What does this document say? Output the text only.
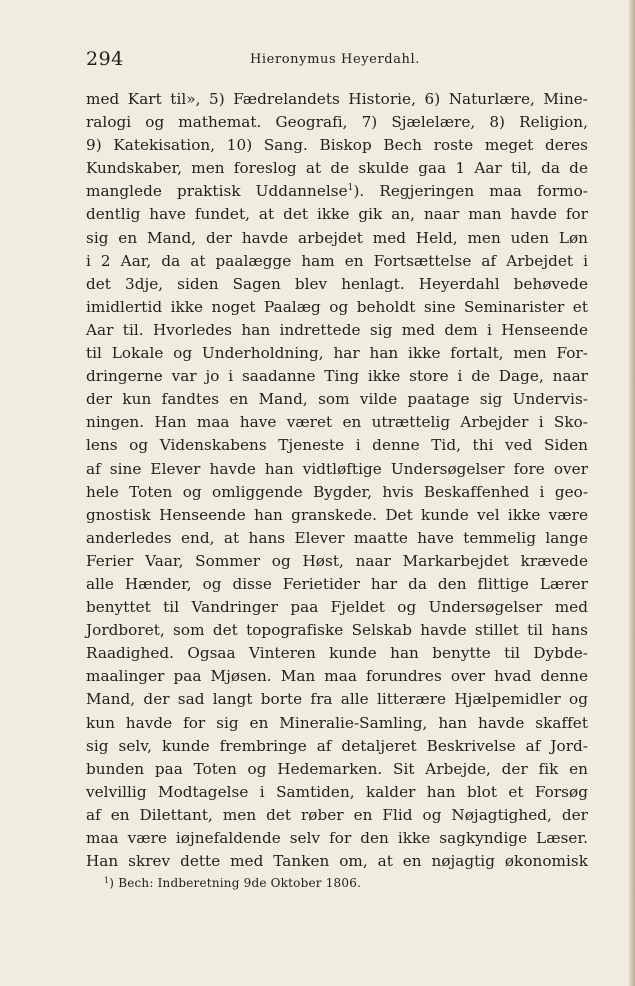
294	Hieronymus Heyerdahl.
med Kart til», 5) Fædrelandets Historie, 6) Naturlære, Mine-
ralogi og mathemat. Geografi, 7) Sjælelære, 8) Religion,
9) Katekisation, 10) Sang. Biskop Bech roste meget deres
Kundskaber, men foreslog at de skulde gaa 1 Aar til, da de
manglede praktisk Uddannelse$^1$). Regjeringen maa formo-
dentlig have fundet, at det ikke gik an, naar man havde for
sig en Mand, der havde arbejdet med Held, men uden Løn
i 2 Aar, da at paalægge ham en Fortsættelse af Arbejdet i
det 3dje, siden Sagen blev henlagt. Heyerdahl behøvede
imidlertid ikke noget Paalæg og beholdt sine Seminarister et
Aar til. Hvorledes han indrettede sig med dem i Henseende
til Lokale og Underholdning, har han ikke fortalt, men For-
dringerne var jo i saadanne Ting ikke store i de Dage, naar
der kun fandtes en Mand, som vilde paatage sig Undervis-
ningen. Han maa have været en utrættelig Arbejder i Sko-
lens og Videnskabens Tjeneste i denne Tid, thi ved Siden
af sine Elever havde han vidtløftige Undersøgelser fore over
hele Toten og omliggende Bygder, hvis Beskaffenhed i geo-
gnostisk Henseende han granskede. Det kunde vel ikke være
anderledes end, at hans Elever maatte have temmelig lange
Ferier Vaar, Sommer og Høst, naar Markarbejdet krævede
alle Hænder, og disse Ferietider har da den flittige Lærer
benyttet til Vandringer paa Fjeldet og Undersøgelser med
Jordboret, som det topografiske Selskab havde stillet til hans
Raadighed. Ogsaa Vinteren kunde han benytte til Dybde-
maalinger paa Mjøsen. Man maa forundres over hvad denne
Mand, der sad langt borte fra alle litterære Hjælpemidler og
kun havde for sig en Mineralie-Samling, han havde skaffet
sig selv, kunde frembringe af detaljeret Beskrivelse af Jord-
bunden paa Toten og Hedemarken. Sit Arbejde, der fik en
velvillig Modtagelse i Samtiden, kalder han blot et Forsøg
af en Dilettant, men det røber en Flid og Nøjagtighed, der
maa være iøjnefaldende selv for den ikke sagkyndige Læser.
Han skrev dette med Tanken om, at en nøjagtig økonomisk
$^1$) Bech: Indberetning 9de Oktober 1806.
